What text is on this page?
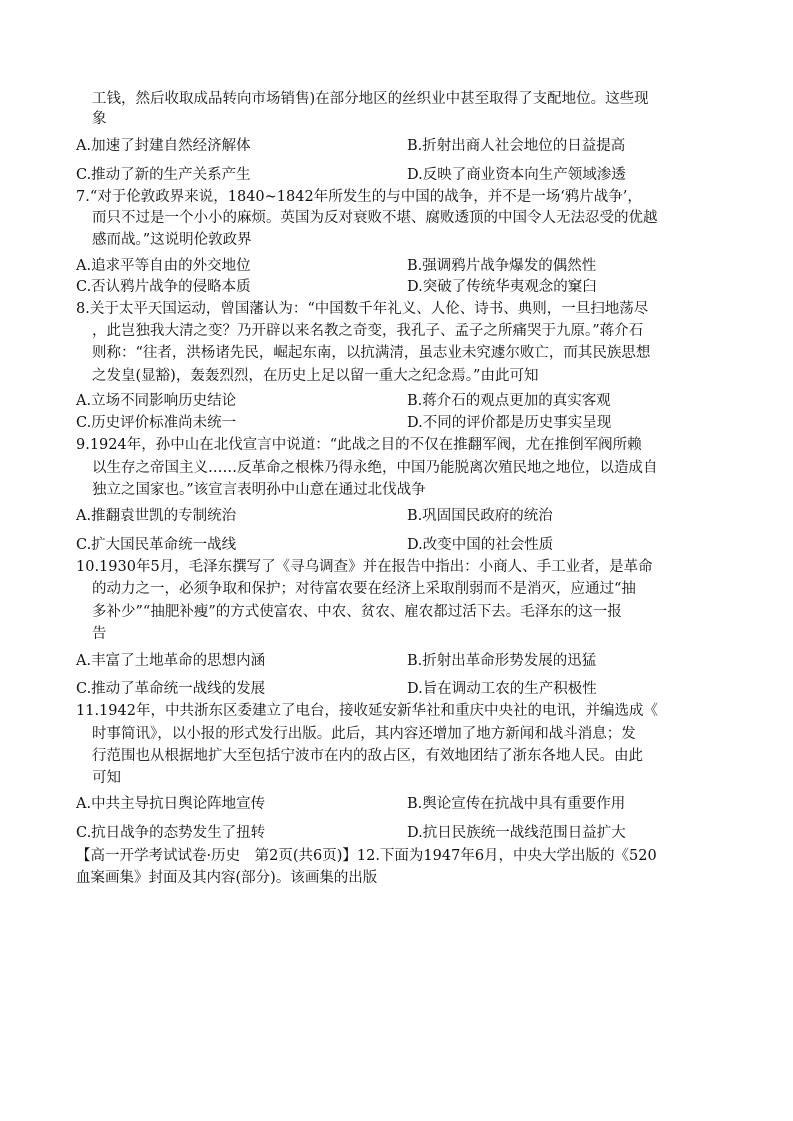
工钱，然后收取成品转向市场销售)在部分地区的丝织业中甚至取得了支配地位。这些现
象
A.加速了封建自然经济解体	B.折射出商人社会地位的日益提高
C.推动了新的生产关系产生	D.反映了商业资本向生产领域渗透
7.“对于伦敦政界来说，1840~1842年所发生的与中国的战争，并不是一场‘鸦片战争’，
而只不过是一个小小的麻烦。英国为反对衰败不堪、腐败透顶的中国令人无法忍受的优越
感而战。”这说明伦敦政界
A.追求平等自由的外交地位	B.强调鸦片战争爆发的偶然性
C.否认鸦片战争的侵略本质	D.突破了传统华夷观念的窠臼
8.关于太平天国运动，曾国藩认为：“中国数千年礼义、人伦、诗书、典则，一旦扫地荡尽
，此岂独我大清之变？乃开辟以来名教之奇变，我孔子、孟子之所痛哭于九原。”蒋介石
则称：“往者，洪杨诸先民，崛起东南，以抗满清，虽志业未究遽尔败亡，而其民族思想
之发皇(显豁)，轰轰烈烈，在历史上足以留一重大之纪念焉。”由此可知
A.立场不同影响历史结论	B.蒋介石的观点更加的真实客观
C.历史评价标准尚未统一	D.不同的评价都是历史事实呈现
9.1924年，孙中山在北伐宣言中说道：“此战之目的不仅在推翻军阀，尤在推倒军阀所赖
以生存之帝国主义……反革命之根株乃得永绝，中国乃能脱离次殖民地之地位，以造成自
独立之国家也。”该宣言表明孙中山意在通过北伐战争
A.推翻袁世凯的专制统治	B.巩固国民政府的统治
C.扩大国民革命统一战线	D.改变中国的社会性质
10.1930年5月，毛泽东撰写了《寻乌调查》并在报告中指出：小商人、手工业者，是革命
的动力之一，必须争取和保护；对待富农要在经济上采取削弱而不是消灭，应通过“抽
多补少”“抽肥补瘦”的方式使富农、中农、贫农、雇农都过活下去。毛泽东的这一报
告
A.丰富了土地革命的思想内涵	B.折射出革命形势发展的迅猛
C.推动了革命统一战线的发展	D.旨在调动工农的生产积极性
11.1942年，中共浙东区委建立了电台，接收延安新华社和重庆中央社的电讯，并编选成《
时事简讯》，以小报的形式发行出版。此后，其内容还增加了地方新闻和战斗消息；发
行范围也从根据地扩大至包括宁波市在内的敌占区，有效地团结了浙东各地人民。由此
可知
A.中共主导抗日舆论阵地宣传	B.舆论宣传在抗战中具有重要作用
C.抗日战争的态势发生了扭转	D.抗日民族统一战线范围日益扩大
【高一开学考试试卷·历史　第2页(共6页)】12.下面为1947年6月，中央大学出版的《520
血案画集》封面及其内容(部分)。该画集的出版
